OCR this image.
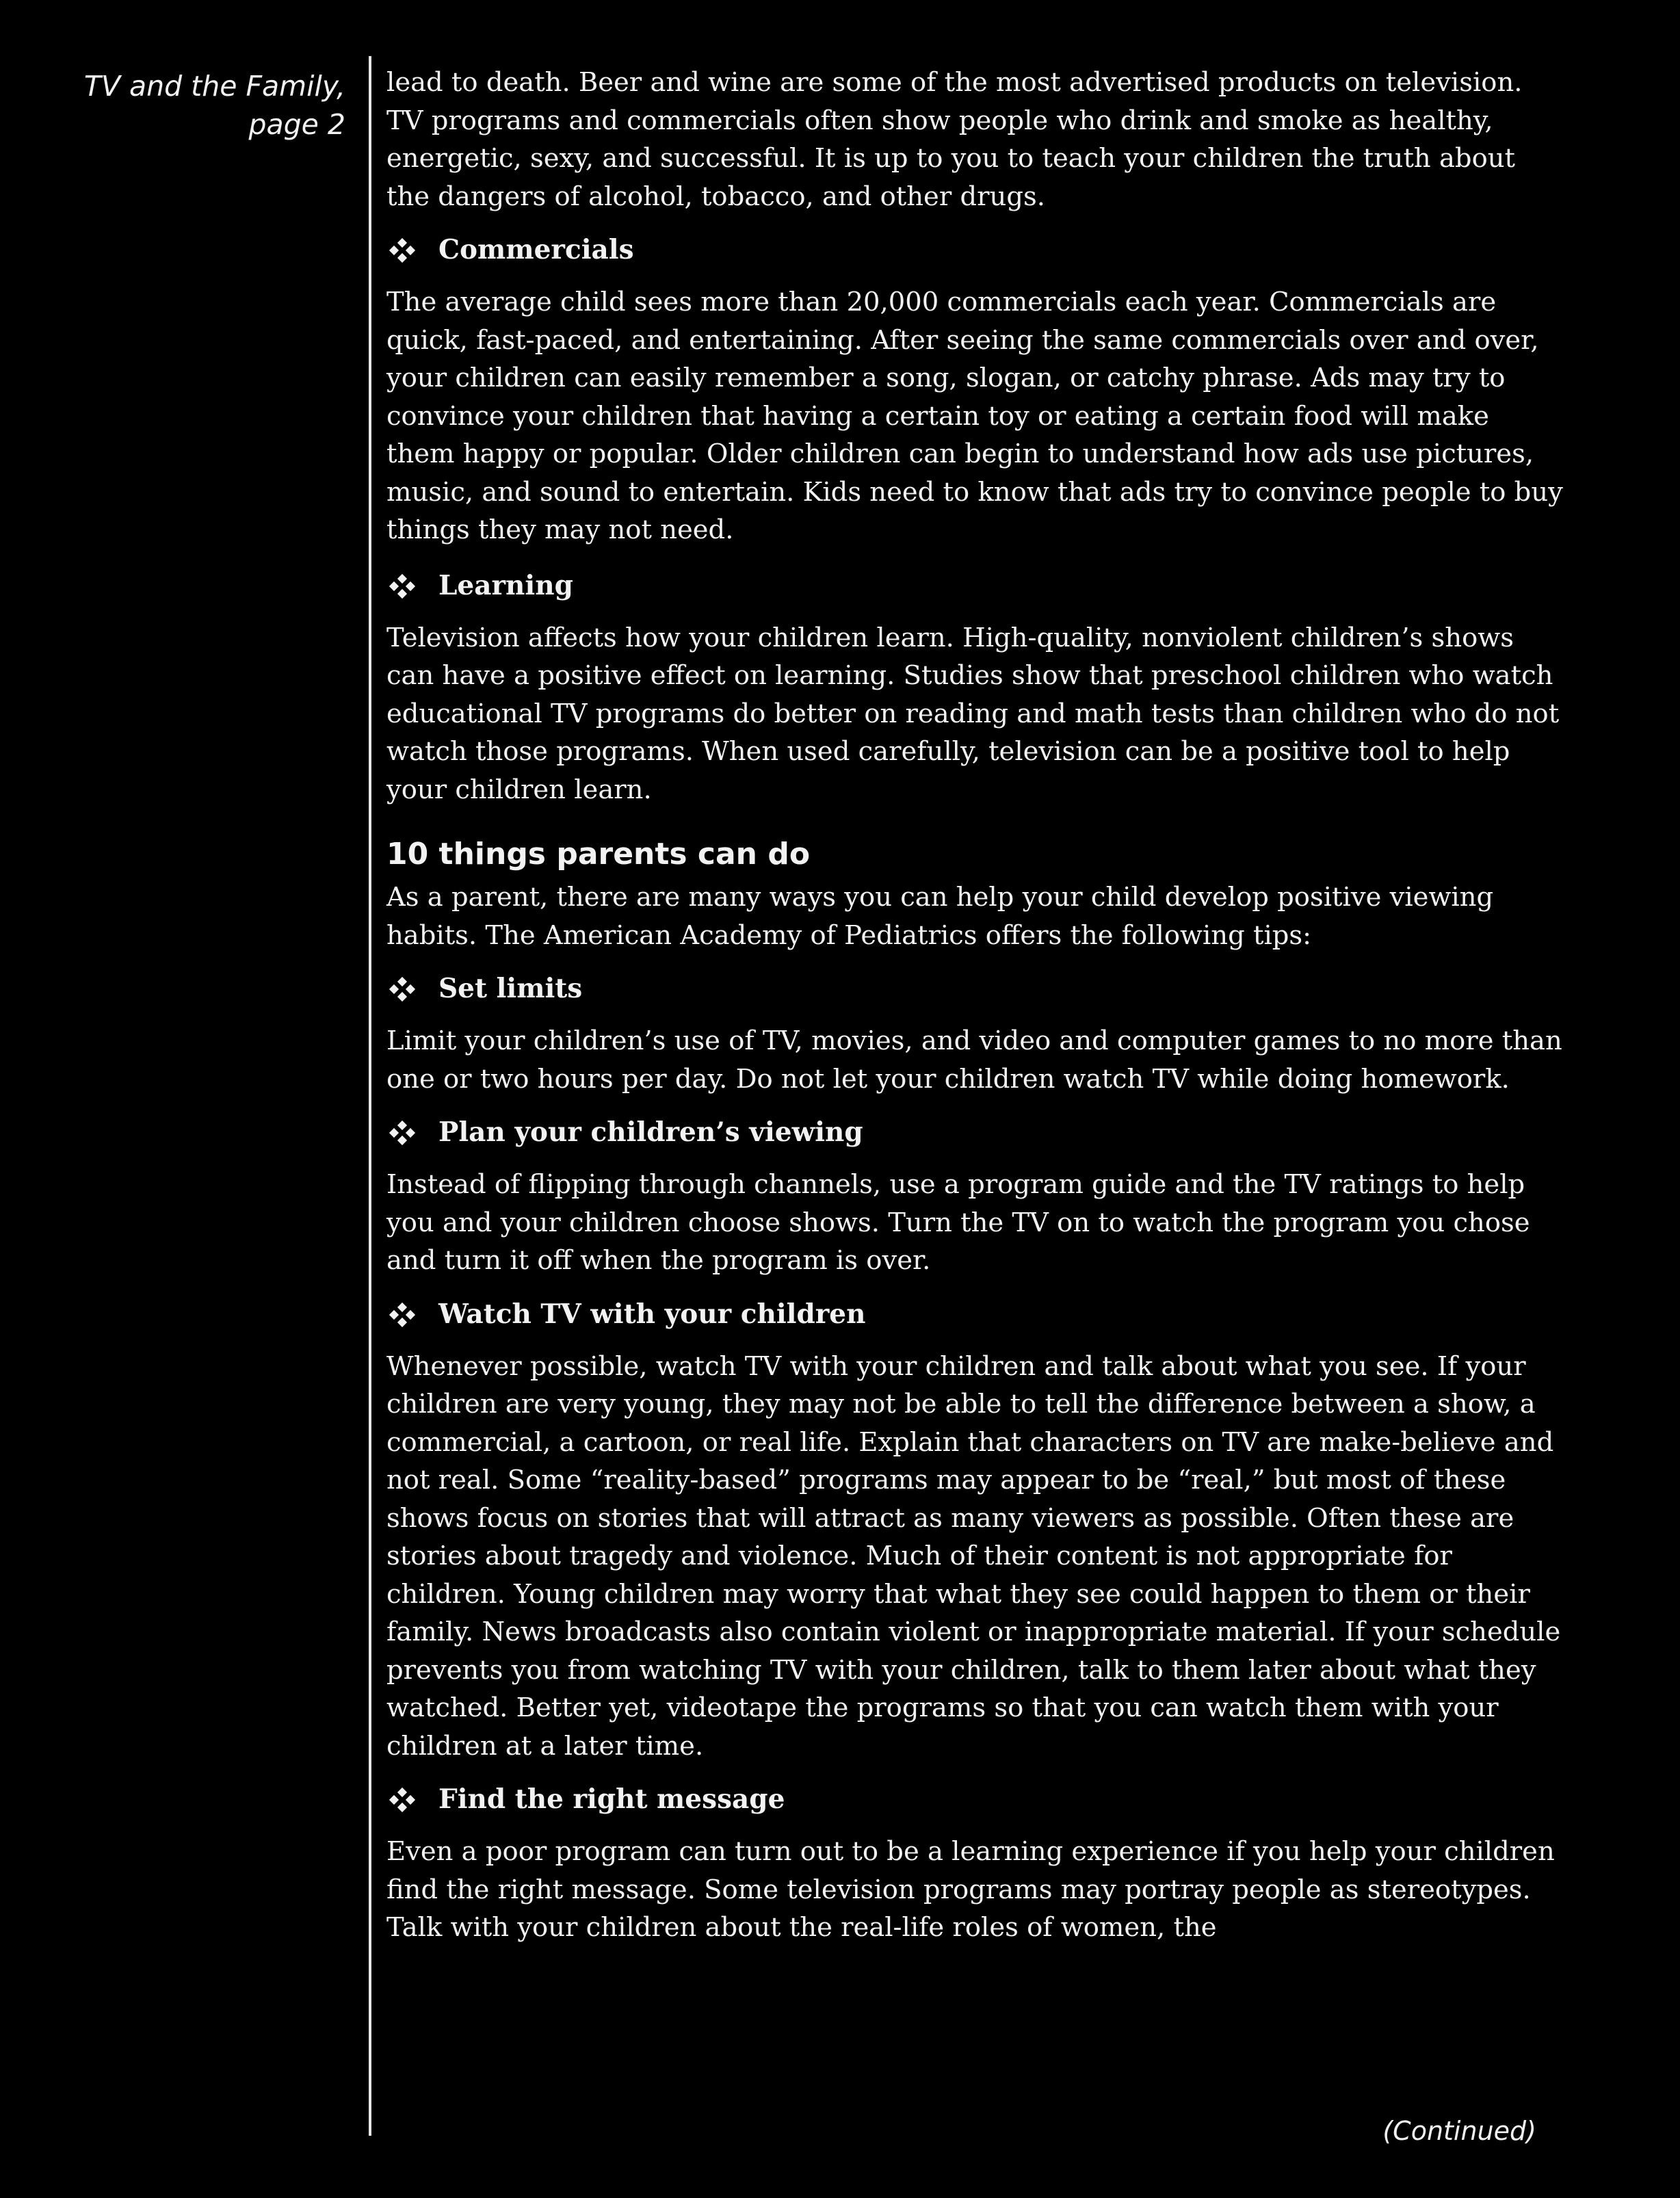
TV and the Family,
page 2

lead to death. Beer and wine are some of the most advertised products on television. TV programs and commercials often show people who drink and smoke as healthy, energetic, sexy, and successful. It is up to you to teach your children the truth about the dangers of alcohol, tobacco, and other drugs.

Commercials

The average child sees more than 20,000 commercials each year. Commercials are quick, fast-paced, and entertaining. After seeing the same commercials over and over, your children can easily remember a song, slogan, or catchy phrase. Ads may try to convince your children that having a certain toy or eating a certain food will make them happy or popular. Older children can begin to understand how ads use pictures, music, and sound to entertain. Kids need to know that ads try to convince people to buy things they may not need.

Learning

Television affects how your children learn. High-quality, nonviolent children’s shows can have a positive effect on learning. Studies show that preschool children who watch educational TV programs do better on reading and math tests than children who do not watch those programs. When used carefully, television can be a positive tool to help your children learn.

10 things parents can do

As a parent, there are many ways you can help your child develop positive viewing habits. The American Academy of Pediatrics offers the following tips:

Set limits

Limit your children’s use of TV, movies, and video and computer games to no more than one or two hours per day. Do not let your children watch TV while doing homework.

Plan your children’s viewing

Instead of flipping through channels, use a program guide and the TV ratings to help you and your children choose shows. Turn the TV on to watch the program you chose and turn it off when the program is over.

Watch TV with your children

Whenever possible, watch TV with your children and talk about what you see. If your children are very young, they may not be able to tell the difference between a show, a commercial, a cartoon, or real life. Explain that characters on TV are make-believe and not real. Some “reality-based” programs may appear to be “real,” but most of these shows focus on stories that will attract as many viewers as possible. Often these are stories about tragedy and violence. Much of their content is not appropriate for children. Young children may worry that what they see could happen to them or their family. News broadcasts also contain violent or inappropriate material. If your schedule prevents you from watching TV with your children, talk to them later about what they watched. Better yet, videotape the programs so that you can watch them with your children at a later time.

Find the right message

Even a poor program can turn out to be a learning experience if you help your children find the right message. Some television programs may portray people as stereotypes. Talk with your children about the real-life roles of women, the

(Continued)
